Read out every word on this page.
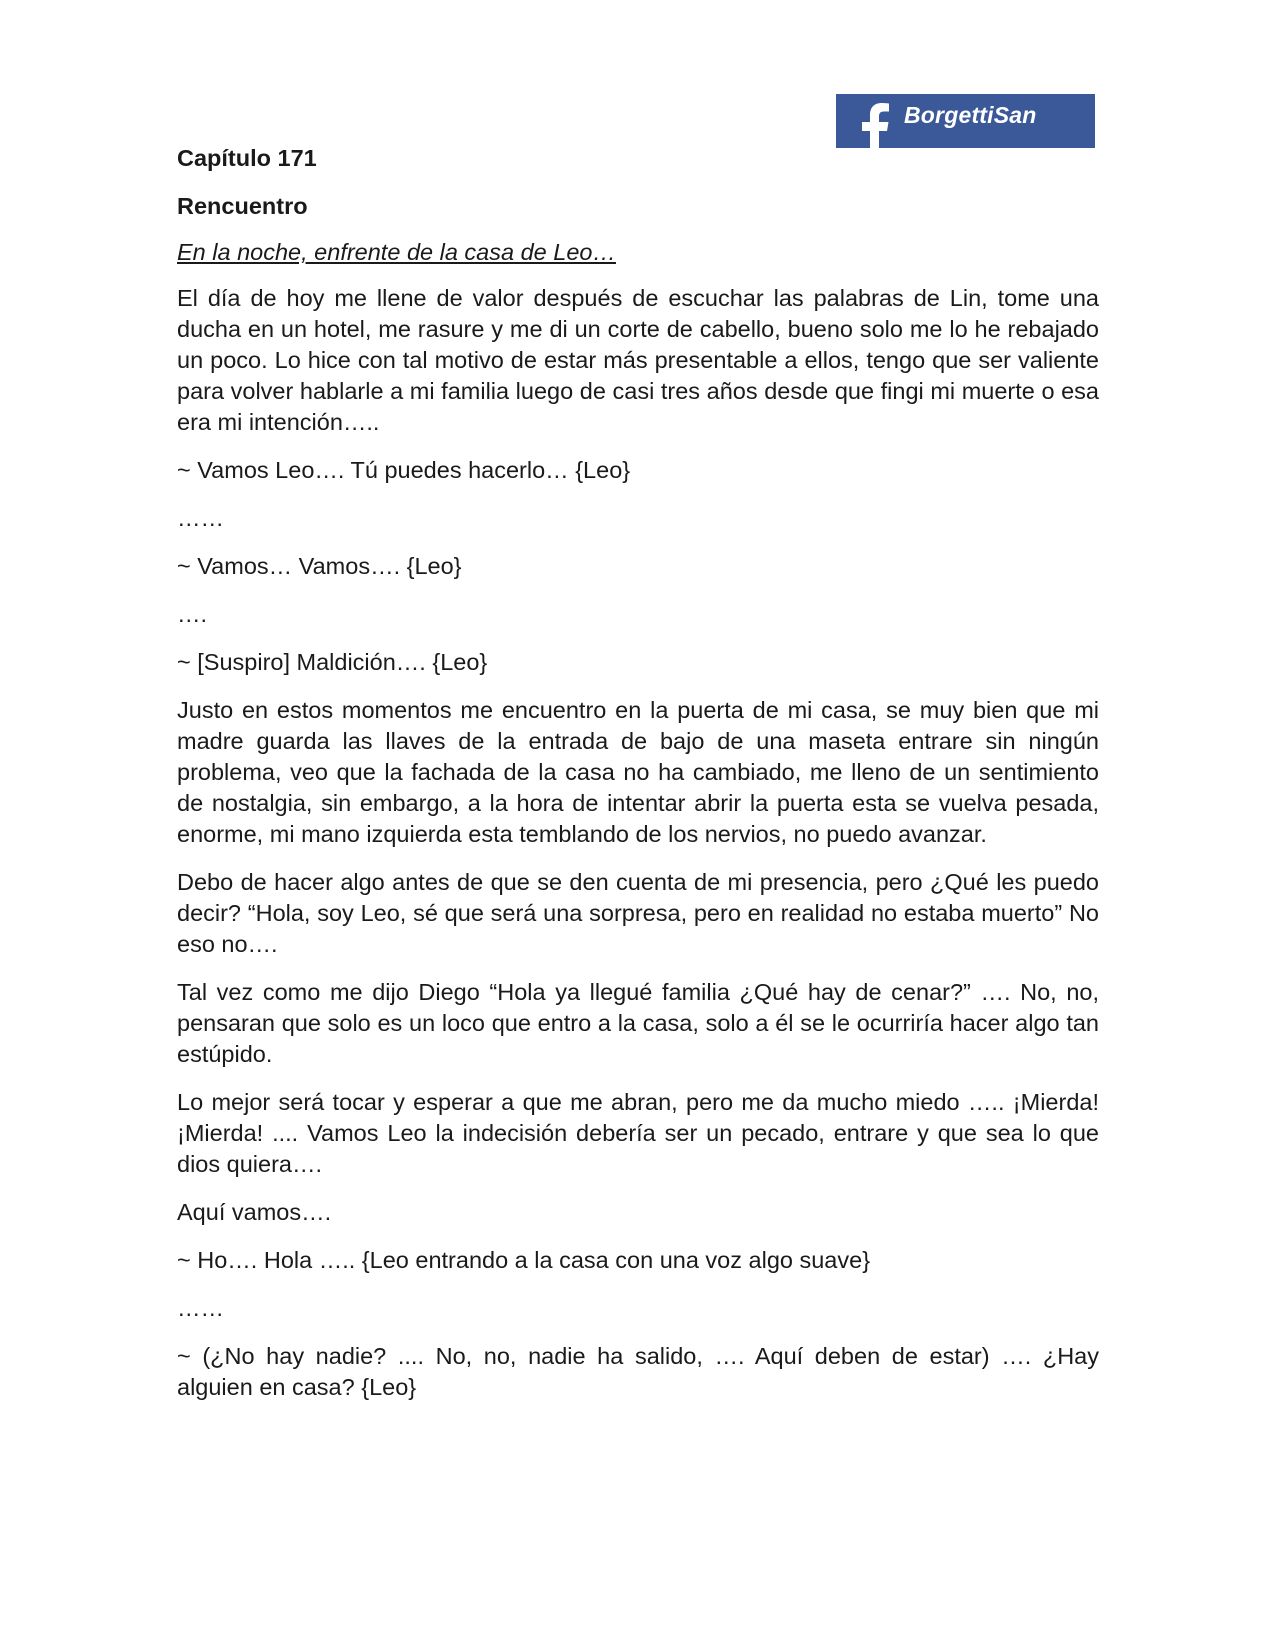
BorgettiSan
Capítulo 171
Rencuentro
En la noche, enfrente de la casa de Leo…

El día de hoy me llene de valor después de escuchar las palabras de Lin, tome una ducha en un hotel, me rasure y me di un corte de cabello, bueno solo me lo he rebajado un poco. Lo hice con tal motivo de estar más presentable a ellos, tengo que ser valiente para volver hablarle a mi familia luego de casi tres años desde que fingi mi muerte o esa era mi intención…..

~ Vamos Leo…. Tú puedes hacerlo… {Leo}

……

~ Vamos… Vamos…. {Leo}

….

~ [Suspiro] Maldición…. {Leo}

Justo en estos momentos me encuentro en la puerta de mi casa, se muy bien que mi madre guarda las llaves de la entrada de bajo de una maseta entrare sin ningún problema, veo que la fachada de la casa no ha cambiado, me lleno de un sentimiento de nostalgia, sin embargo, a la hora de intentar abrir la puerta esta se vuelva pesada, enorme, mi mano izquierda esta temblando de los nervios, no puedo avanzar.

Debo de hacer algo antes de que se den cuenta de mi presencia, pero ¿Qué les puedo decir? “Hola, soy Leo, sé que será una sorpresa, pero en realidad no estaba muerto” No eso no….

Tal vez como me dijo Diego “Hola ya llegué familia ¿Qué hay de cenar?” …. No, no, pensaran que solo es un loco que entro a la casa, solo a él se le ocurriría hacer algo tan estúpido.

Lo mejor será tocar y esperar a que me abran, pero me da mucho miedo ….. ¡Mierda! ¡Mierda! .... Vamos Leo la indecisión debería ser un pecado, entrare y que sea lo que dios quiera….

Aquí vamos….

~ Ho…. Hola ….. {Leo entrando a la casa con una voz algo suave}

……

~ (¿No hay nadie? .... No, no, nadie ha salido, …. Aquí deben de estar) …. ¿Hay alguien en casa? {Leo}
